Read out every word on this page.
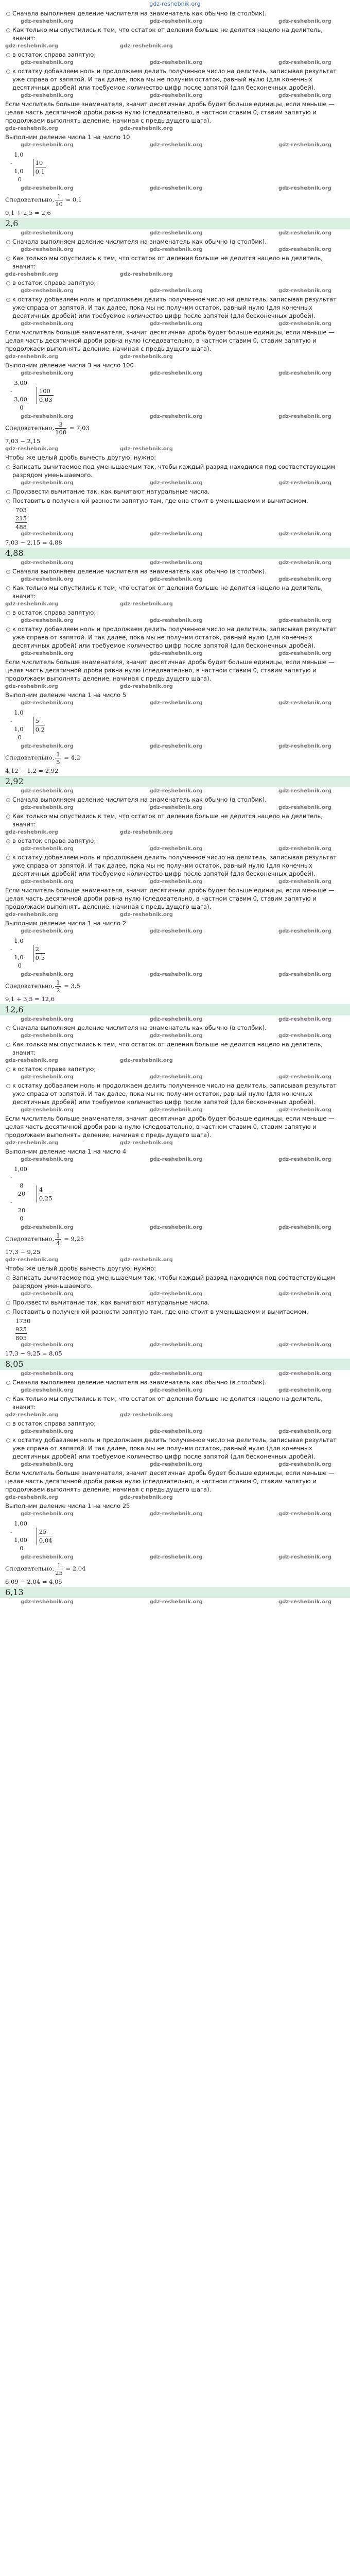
gdz-reshebnik.org
Сначала выполняем деление числителя на знаменатель как обычно (в столбик).
gdz-reshebnik.org	gdz-reshebnik.org	gdz-reshebnik.org
Как только мы опустились к тем, что остаток от деления больше не делится нацело на делитель, значит:
gdz-reshebnik.org	gdz-reshebnik.org
в остаток справа запятую;
gdz-reshebnik.org	gdz-reshebnik.org	gdz-reshebnik.org
к остатку добавляем ноль и продолжаем делить полученное число на делитель, записывая результат уже справа от запятой. И так далее, пока мы не получим остаток, равный нулю (для конечных десятичных дробей) или требуемое количество цифр после запятой (для бесконечных дробей).
gdz-reshebnik.org	gdz-reshebnik.org	gdz-reshebnik.org
Если числитель больше знаменателя, значит десятичная дробь будет больше единицы, если меньше — целая часть десятичной дроби равна нулю (следовательно, в частном ставим 0, ставим запятую и продолжаем выполнять деление, начиная с предыдущего шага).
gdz-reshebnik.org	gdz-reshebnik.org
Выполним деление числа 1 на число 10
gdz-reshebnik.org	gdz-reshebnik.org	gdz-reshebnik.org
1,0
-
1,0
0
10
0,1
gdz-reshebnik.org	gdz-reshebnik.org	gdz-reshebnik.org
Следовательно, $\frac{1}{10} = 0,1$
0,1 + 2,5 = 2,6
2,6
gdz-reshebnik.org	gdz-reshebnik.org	gdz-reshebnik.org
Сначала выполняем деление числителя на знаменатель как обычно (в столбик).
gdz-reshebnik.org	gdz-reshebnik.org	gdz-reshebnik.org
Как только мы опустились к тем, что остаток от деления больше не делится нацело на делитель, значит:
gdz-reshebnik.org	gdz-reshebnik.org
в остаток справа запятую;
gdz-reshebnik.org	gdz-reshebnik.org	gdz-reshebnik.org
к остатку добавляем ноль и продолжаем делить полученное число на делитель, записывая результат уже справа от запятой. И так далее, пока мы не получим остаток, равный нулю (для конечных десятичных дробей) или требуемое количество цифр после запятой (для бесконечных дробей).
gdz-reshebnik.org	gdz-reshebnik.org	gdz-reshebnik.org
Если числитель больше знаменателя, значит десятичная дробь будет больше единицы, если меньше — целая часть десятичной дроби равна нулю (следовательно, в частном ставим 0, ставим запятую и продолжаем выполнять деление, начиная с предыдущего шага).
gdz-reshebnik.org	gdz-reshebnik.org
Выполним деление числа 3 на число 100
gdz-reshebnik.org	gdz-reshebnik.org	gdz-reshebnik.org
3,00
-
3,00
0
100
0,03
gdz-reshebnik.org	gdz-reshebnik.org	gdz-reshebnik.org
Следовательно, $\frac{3}{100} = 7,03$
7,03 − 2,15
gdz-reshebnik.org	gdz-reshebnik.org
Чтобы же целый дробь вычесть другую, нужно:
Записать вычитаемое под уменьшаемым так, чтобы каждый разряд находился под соответствующим разрядом уменьшаемого.
gdz-reshebnik.org	gdz-reshebnik.org	gdz-reshebnik.org
Произвести вычитание так, как вычитают натуральные числа.
Поставить в полученной разности запятую там, где она стоит в уменьшаемом и вычитаемом.
703
215
488
gdz-reshebnik.org	gdz-reshebnik.org	gdz-reshebnik.org
7,03 − 2,15 = 4,88
4,88
gdz-reshebnik.org	gdz-reshebnik.org	gdz-reshebnik.org
Сначала выполняем деление числителя на знаменатель как обычно (в столбик).
gdz-reshebnik.org	gdz-reshebnik.org	gdz-reshebnik.org
Как только мы опустились к тем, что остаток от деления больше не делится нацело на делитель, значит:
gdz-reshebnik.org	gdz-reshebnik.org
в остаток справа запятую;
gdz-reshebnik.org	gdz-reshebnik.org	gdz-reshebnik.org
к остатку добавляем ноль и продолжаем делить полученное число на делитель, записывая результат уже справа от запятой. И так далее, пока мы не получим остаток, равный нулю (для конечных десятичных дробей) или требуемое количество цифр после запятой (для бесконечных дробей).
gdz-reshebnik.org	gdz-reshebnik.org	gdz-reshebnik.org
Если числитель больше знаменателя, значит десятичная дробь будет больше единицы, если меньше — целая часть десятичной дроби равна нулю (следовательно, в частном ставим 0, ставим запятую и продолжаем выполнять деление, начиная с предыдущего шага).
gdz-reshebnik.org	gdz-reshebnik.org
Выполним деление числа 1 на число 5
gdz-reshebnik.org	gdz-reshebnik.org	gdz-reshebnik.org
1,0
-
1,0
0
5
0,2
gdz-reshebnik.org	gdz-reshebnik.org	gdz-reshebnik.org
Следовательно, $\frac{1}{5} = 4,2$
4,12 − 1,2 = 2,92
2,92
gdz-reshebnik.org	gdz-reshebnik.org	gdz-reshebnik.org
Сначала выполняем деление числителя на знаменатель как обычно (в столбик).
gdz-reshebnik.org	gdz-reshebnik.org	gdz-reshebnik.org
Как только мы опустились к тем, что остаток от деления больше не делится нацело на делитель, значит:
gdz-reshebnik.org	gdz-reshebnik.org
в остаток справа запятую;
gdz-reshebnik.org	gdz-reshebnik.org	gdz-reshebnik.org
к остатку добавляем ноль и продолжаем делить полученное число на делитель, записывая результат уже справа от запятой. И так далее, пока мы не получим остаток, равный нулю (для конечных десятичных дробей) или требуемое количество цифр после запятой (для бесконечных дробей).
gdz-reshebnik.org	gdz-reshebnik.org	gdz-reshebnik.org
Если числитель больше знаменателя, значит десятичная дробь будет больше единицы, если меньше — целая часть десятичной дроби равна нулю (следовательно, в частном ставим 0, ставим запятую и продолжаем выполнять деление, начиная с предыдущего шага).
gdz-reshebnik.org	gdz-reshebnik.org
Выполним деление числа 1 на число 2
gdz-reshebnik.org	gdz-reshebnik.org	gdz-reshebnik.org
1,0
-
1,0
0
2
0,5
gdz-reshebnik.org	gdz-reshebnik.org	gdz-reshebnik.org
Следовательно, $\frac{1}{2} = 3,5$
9,1 + 3,5 = 12,6
12,6
gdz-reshebnik.org	gdz-reshebnik.org	gdz-reshebnik.org
Сначала выполняем деление числителя на знаменатель как обычно (в столбик).
gdz-reshebnik.org	gdz-reshebnik.org	gdz-reshebnik.org
Как только мы опустились к тем, что остаток от деления больше не делится нацело на делитель, значит:
gdz-reshebnik.org	gdz-reshebnik.org
в остаток справа запятую;
gdz-reshebnik.org	gdz-reshebnik.org	gdz-reshebnik.org
к остатку добавляем ноль и продолжаем делить полученное число на делитель, записывая результат уже справа от запятой. И так далее, пока мы не получим остаток, равный нулю (для конечных десятичных дробей) или требуемое количество цифр после запятой (для бесконечных дробей).
gdz-reshebnik.org	gdz-reshebnik.org	gdz-reshebnik.org
Если числитель больше знаменателя, значит десятичная дробь будет больше единицы, если меньше — целая часть десятичной дроби равна нулю (следовательно, в частном ставим 0, ставим запятую и продолжаем выполнять деление, начиная с предыдущего шага).
gdz-reshebnik.org	gdz-reshebnik.org
Выполним деление числа 1 на число 4
gdz-reshebnik.org	gdz-reshebnik.org	gdz-reshebnik.org
1,00
-
8
20
-
20
0
4
0,25
gdz-reshebnik.org	gdz-reshebnik.org	gdz-reshebnik.org
Следовательно, $\frac{1}{4} = 9,25$
17,3 − 9,25
gdz-reshebnik.org	gdz-reshebnik.org
Чтобы же целый дробь вычесть другую, нужно:
Записать вычитаемое под уменьшаемым так, чтобы каждый разряд находился под соответствующим разрядом уменьшаемого.
gdz-reshebnik.org	gdz-reshebnik.org	gdz-reshebnik.org
Произвести вычитание так, как вычитают натуральные числа.
Поставить в полученной разности запятую там, где она стоит в уменьшаемом и вычитаемом.
1730
925
805
gdz-reshebnik.org	gdz-reshebnik.org	gdz-reshebnik.org
17,3 − 9,25 = 8,05
8,05
gdz-reshebnik.org	gdz-reshebnik.org	gdz-reshebnik.org
Сначала выполняем деление числителя на знаменатель как обычно (в столбик).
gdz-reshebnik.org	gdz-reshebnik.org	gdz-reshebnik.org
Как только мы опустились к тем, что остаток от деления больше не делится нацело на делитель, значит:
gdz-reshebnik.org	gdz-reshebnik.org
в остаток справа запятую;
gdz-reshebnik.org	gdz-reshebnik.org	gdz-reshebnik.org
к остатку добавляем ноль и продолжаем делить полученное число на делитель, записывая результат уже справа от запятой. И так далее, пока мы не получим остаток, равный нулю (для конечных десятичных дробей) или требуемое количество цифр после запятой (для бесконечных дробей).
gdz-reshebnik.org	gdz-reshebnik.org	gdz-reshebnik.org
Если числитель больше знаменателя, значит десятичная дробь будет больше единицы, если меньше — целая часть десятичной дроби равна нулю (следовательно, в частном ставим 0, ставим запятую и продолжаем выполнять деление, начиная с предыдущего шага).
gdz-reshebnik.org	gdz-reshebnik.org
Выполним деление числа 1 на число 25
gdz-reshebnik.org	gdz-reshebnik.org	gdz-reshebnik.org
1,00
-
1,00
0
25
0,04
gdz-reshebnik.org	gdz-reshebnik.org	gdz-reshebnik.org
Следовательно, $\frac{1}{25} = 2,04$
6,09 − 2,04 = 4,05
6,13
gdz-reshebnik.org	gdz-reshebnik.org	gdz-reshebnik.org
